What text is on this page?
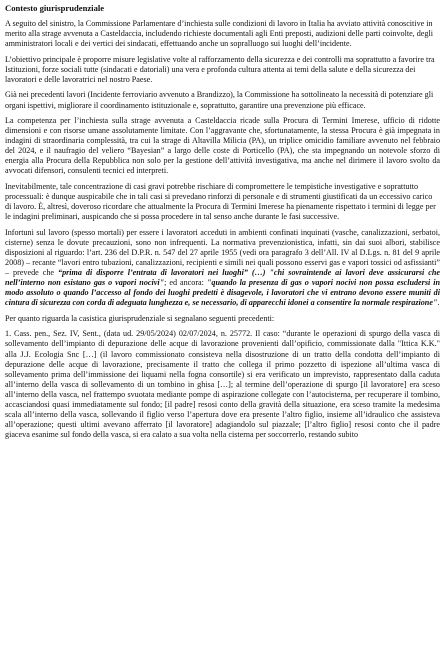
Contesto giurisprudenziale

A seguito del sinistro, la Commissione Parlamentare d’inchiesta sulle condizioni di lavoro in Italia ha avviato attività conoscitive in merito alla strage avvenuta a Casteldaccia, includendo richieste documentali agli Enti preposti, audizioni delle parti coinvolte, degli amministratori locali e dei vertici dei sindacati, effettuando anche un sopralluogo sui luoghi dell’incidente.

L’obiettivo principale è proporre misure legislative volte al rafforzamento della sicurezza e dei controlli ma soprattutto a favorire tra Istituzioni, forze sociali tutte (sindacati e datoriali) una vera e profonda cultura attenta ai temi della salute e della sicurezza dei lavoratori e delle lavoratrici nel nostro Paese.

Già nei precedenti lavori (Incidente ferroviario avvenuto a Brandizzo), la Commissione ha sottolineato la necessità di potenziare gli organi ispettivi, migliorare il coordinamento istituzionale e, soprattutto, garantire una prevenzione più efficace.

La competenza per l’inchiesta sulla strage avvenuta a Casteldaccia ricade sulla Procura di Termini Imerese, ufficio di ridotte dimensioni e con risorse umane assolutamente limitate. Con l’aggravante che, sfortunatamente, la stessa Procura è già impegnata in indagini di straordinaria complessità, tra cui la strage di Altavilla Milicia (PA), un triplice omicidio familiare avvenuto nel febbraio del 2024, e il naufragio del veliero “Bayesian” a largo delle coste di Porticello (PA), che sta impegnando un notevole sforzo di energia alla Procura della Repubblica non solo per la gestione dell’attività investigativa, ma anche nel dirimere il lavoro svolto da avvocati difensori, consulenti tecnici ed interpreti.

Inevitabilmente, tale concentrazione di casi gravi potrebbe rischiare di compromettere le tempistiche investigative e soprattutto processuali: è dunque auspicabile che in tali casi si prevedano rinforzi di personale e di strumenti giustificati da un eccessivo carico di lavoro. È, altresì, doveroso ricordare che attualmente la Procura di Termini Imerese ha pienamente rispettato i termini di legge per le indagini preliminari, auspicando che si possa procedere in tal senso anche durante le fasi successive.

Infortuni sul lavoro (spesso mortali) per essere i lavoratori acceduti in ambienti confinati inquinati (vasche, canalizzazioni, serbatoi, cisterne) senza le dovute precauzioni, sono non infrequenti. La normativa prevenzionistica, infatti, sin dai suoi albori, stabilisce disposizioni al riguardo: l’art. 236 del D.P.R. n. 547 del 27 aprile 1955 (vedi ora paragrafo 3 dell’All. IV al D.Lgs. n. 81 del 9 aprile 2008) – recante “lavori entro tubazioni, canalizzazioni, recipienti e simili nei quali possono esservi gas e vapori tossici od asfissianti” – prevede che “prima di disporre l’entrata di lavoratori nei luoghi” (…) "chi sovraintende ai lavori deve assicurarsi che nell’interno non esistano gas o vapori nocivi"; ed ancora: "quando la presenza di gas o vapori nocivi non possa escludersi in modo assoluto o quando l’accesso al fondo dei luoghi predetti è disagevole, i lavoratori che vi entrano devono essere muniti di cintura di sicurezza con corda di adeguata lunghezza e, se necessario, di apparecchi idonei a consentire la normale respirazione".

Per quanto riguarda la casistica giurisprudenziale si segnalano seguenti precedenti:

1. Cass. pen., Sez. IV, Sent., (data ud. 29/05/2024) 02/07/2024, n. 25772. Il caso: “durante le operazioni di spurgo della vasca di sollevamento dell’impianto di depurazione delle acque di lavorazione provenienti dall’opificio, commissionate dalla "Ittica K.K." alla J.J. Ecologia Snc […] (il lavoro commissionato consisteva nella disostruzione di un tratto della condotta dell’impianto di depurazione delle acque di lavorazione, precisamente il tratto che collega il primo pozzetto di ispezione all’ultima vasca di sollevamento prima dell’immissione dei liquami nella fogna consortile) si era verificato un imprevisto, rappresentato dalla caduta all’interno della vasca di sollevamento di un tombino in ghisa […]; al termine dell’operazione di spurgo [il lavoratore] era sceso all’interno della vasca, nel frattempo svuotata mediante pompe di aspirazione collegate con l’autocisterna, per recuperare il tombino, accasciandosi quasi immediatamente sul fondo; [il padre] resosi conto della gravità della situazione, era sceso tramite la medesima scala all’interno della vasca, sollevando il figlio verso l’apertura dove era presente l’altro figlio, insieme all’idraulico che assisteva all’operazione; questi ultimi avevano afferrato [il lavoratore] adagiandolo sul piazzale; [l’altro figlio] resosi conto che il padre giaceva esanime sul fondo della vasca, si era calato a sua volta nella cisterna per soccorrerlo, restando subito
